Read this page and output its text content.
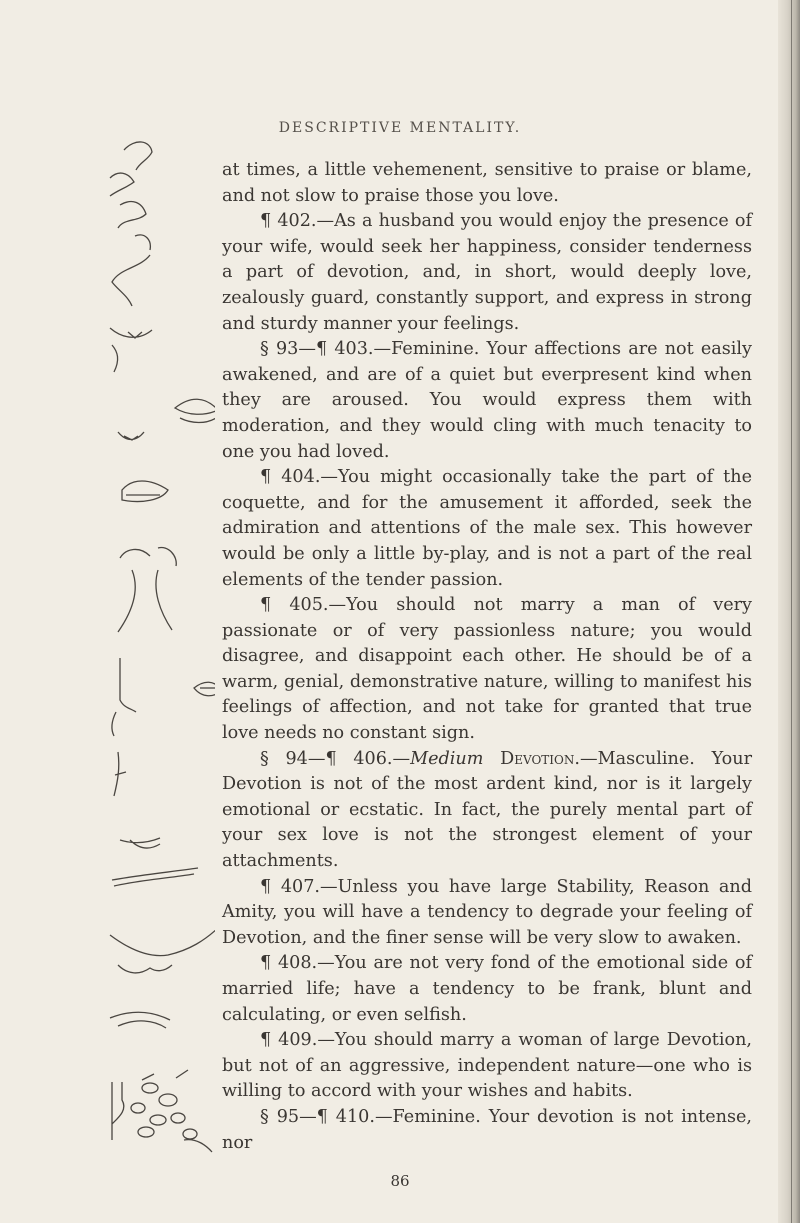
DESCRIPTIVE MENTALITY.

at times, a little vehemenent, sensitive to praise or blame, and not slow to praise those you love.

¶ 402.—As a husband you would enjoy the presence of your wife, would seek her happiness, consider tenderness a part of devotion, and, in short, would deeply love, zealously guard, constantly support, and express in strong and sturdy manner your feelings.

§ 93—¶ 403.—Feminine. Your affections are not easily awakened, and are of a quiet but everpresent kind when they are aroused. You would express them with moderation, and they would cling with much tenacity to one you had loved.

¶ 404.—You might occasionally take the part of the coquette, and for the amusement it afforded, seek the admiration and attentions of the male sex. This however would be only a little by-play, and is not a part of the real elements of the tender passion.

¶ 405.—You should not marry a man of very passionate or of very passionless nature; you would disagree, and disappoint each other. He should be of a warm, genial, demonstrative nature, willing to manifest his feelings of affection, and not take for granted that true love needs no constant sign.

§ 94—¶ 406.—Medium Devotion.—Masculine. Your Devotion is not of the most ardent kind, nor is it largely emotional or ecstatic. In fact, the purely mental part of your sex love is not the strongest element of your attachments.

¶ 407.—Unless you have large Stability, Reason and Amity, you will have a tendency to degrade your feeling of Devotion, and the finer sense will be very slow to awaken.

¶ 408.—You are not very fond of the emotional side of married life; have a tendency to be frank, blunt and calculating, or even selfish.

¶ 409.—You should marry a woman of large Devotion, but not of an aggressive, independent nature—one who is willing to accord with your wishes and habits.

§ 95—¶ 410.—Feminine. Your devotion is not intense, nor

86
